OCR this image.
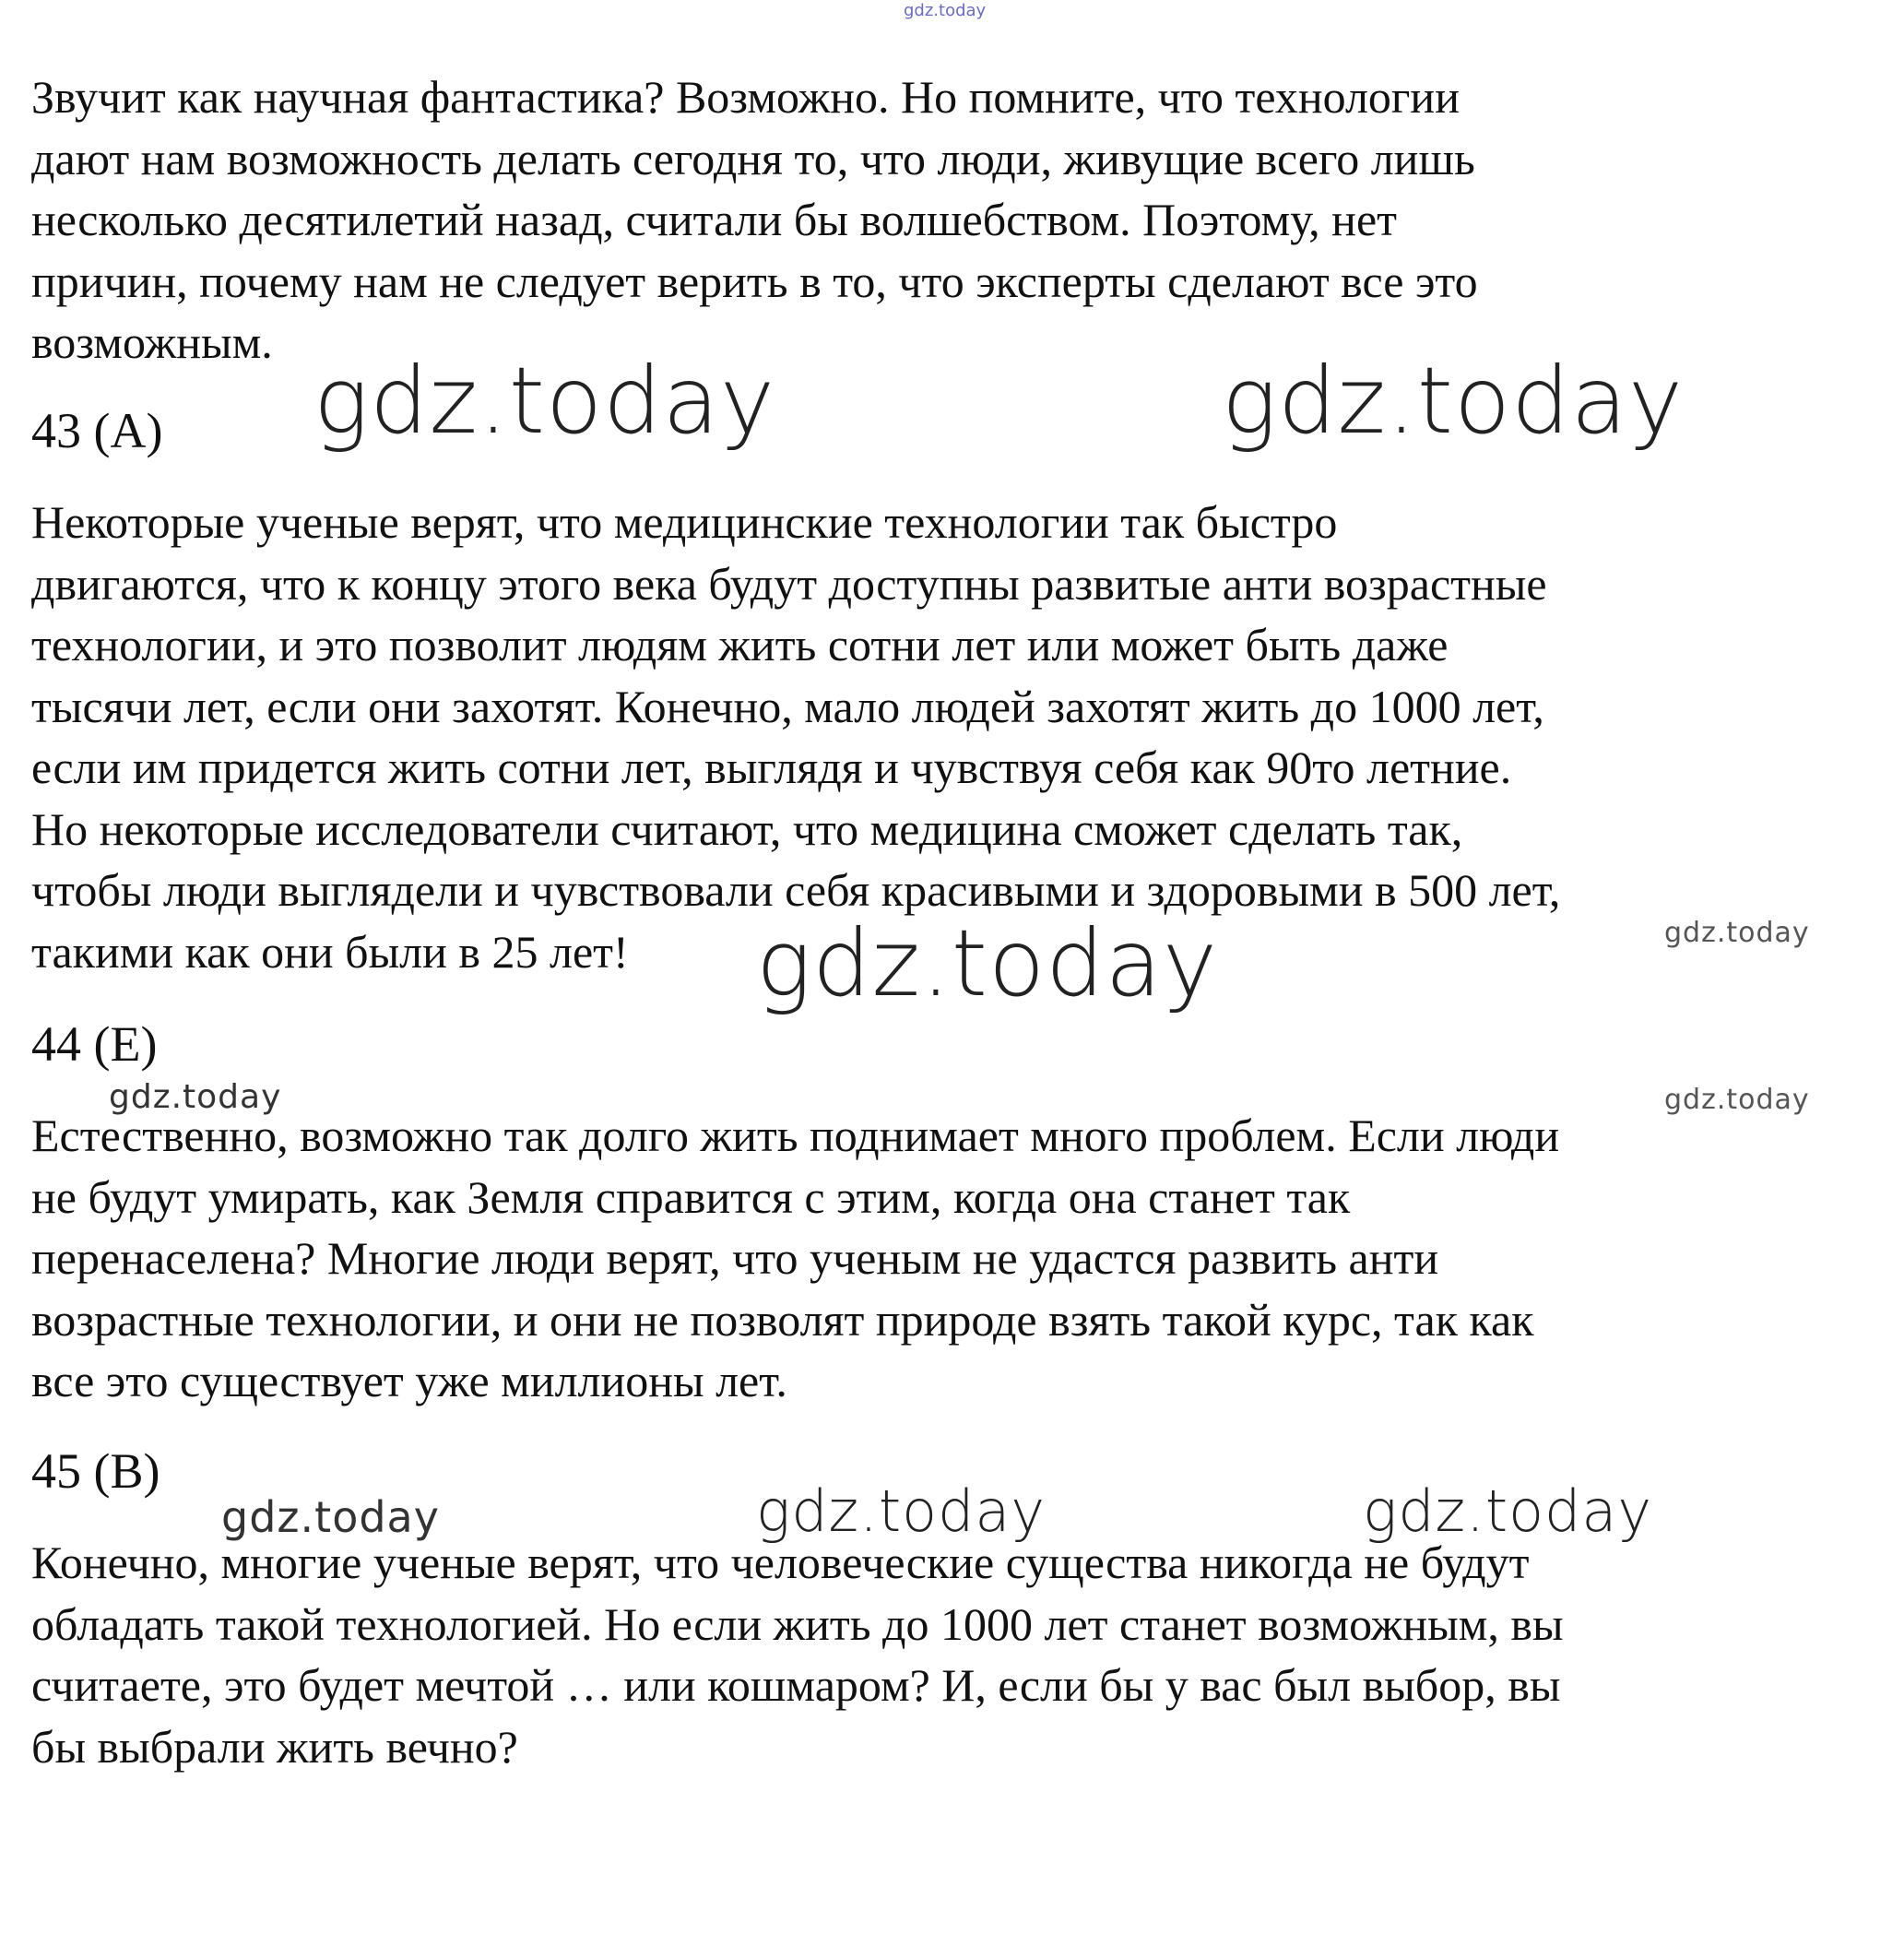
gdz.today
gdz.today	gdz.today
gdz.today	gdz.today
gdz.today	gdz.today
gdz.today	gdz.today
gdz.today

Звучит как научная фантастика? Возможно. Но помните, что технологии
дают нам возможность делать сегодня то, что люди, живущие всего лишь
несколько десятилетий назад, считали бы волшебством. Поэтому, нет
причин, почему нам не следует верить в то, что эксперты сделают все это
возможным.

43 (A)

Некоторые ученые верят, что медицинские технологии так быстро
двигаются, что к концу этого века будут доступны развитые анти возрастные
технологии, и это позволит людям жить сотни лет или может быть даже
тысячи лет, если они захотят. Конечно, мало людей захотят жить до 1000 лет,
если им придется жить сотни лет, выглядя и чувствуя себя как 90то летние.
Но некоторые исследователи считают, что медицина сможет сделать так,
чтобы люди выглядели и чувствовали себя красивыми и здоровыми в 500 лет,
такими как они были в 25 лет!

44 (E)

Естественно, возможно так долго жить поднимает много проблем. Если люди
не будут умирать, как Земля справится с этим, когда она станет так
перенаселена? Многие люди верят, что ученым не удастся развить анти
возрастные технологии, и они не позволят природе взять такой курс, так как
все это существует уже миллионы лет.

45 (B)

Конечно, многие ученые верят, что человеческие существа никогда не будут
обладать такой технологией. Но если жить до 1000 лет станет возможным, вы
считаете, это будет мечтой … или кошмаром? И, если бы у вас был выбор, вы
бы выбрали жить вечно?
